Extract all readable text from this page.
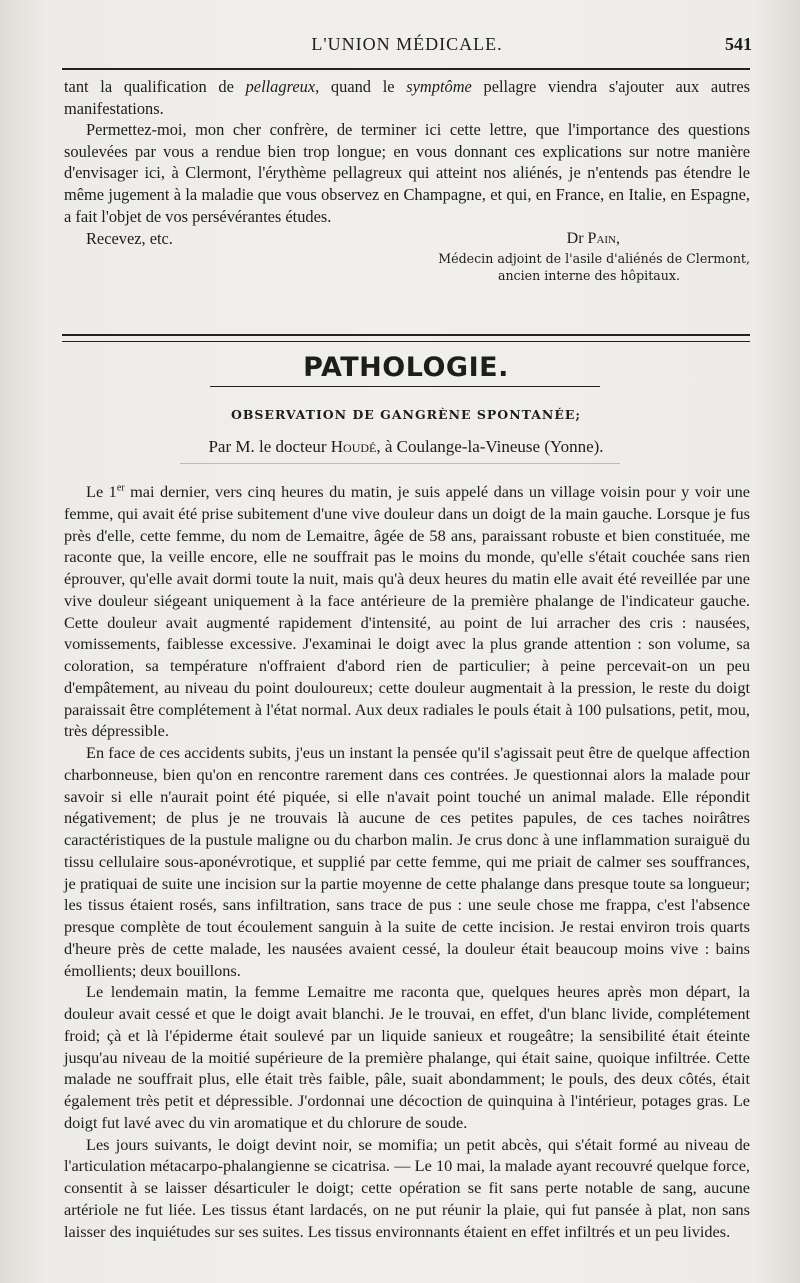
L'UNION MÉDICALE.	541

tant la qualification de pellagreux, quand le symptôme pellagre viendra s'ajouter aux autres manifestations.

Permettez-moi, mon cher confrère, de terminer ici cette lettre, que l'importance des questions soulevées par vous a rendue bien trop longue; en vous donnant ces explications sur notre manière d'envisager ici, à Clermont, l'érythème pellagreux qui atteint nos aliénés, je n'entends pas étendre le même jugement à la maladie que vous observez en Champagne, et qui, en France, en Italie, en Espagne, a fait l'objet de vos persévérantes études.

Recevez, etc.	Dr Pain,
Médecin adjoint de l'asile d'aliénés de Clermont,
ancien interne des hôpitaux.
PATHOLOGIE.
OBSERVATION DE GANGRÈNE SPONTANÉE;
Par M. le docteur Houdé, à Coulange-la-Vineuse (Yonne).

Le 1er mai dernier, vers cinq heures du matin, je suis appelé dans un village voisin pour y voir une femme, qui avait été prise subitement d'une vive douleur dans un doigt de la main gauche. Lorsque je fus près d'elle, cette femme, du nom de Lemaitre, âgée de 58 ans, paraissant robuste et bien constituée, me raconte que, la veille encore, elle ne souffrait pas le moins du monde, qu'elle s'était couchée sans rien éprouver, qu'elle avait dormi toute la nuit, mais qu'à deux heures du matin elle avait été reveillée par une vive douleur siégeant uniquement à la face antérieure de la première phalange de l'indicateur gauche. Cette douleur avait augmenté rapidement d'intensité, au point de lui arracher des cris : nausées, vomissements, faiblesse excessive. J'examinai le doigt avec la plus grande attention : son volume, sa coloration, sa température n'offraient d'abord rien de particulier; à peine percevait-on un peu d'empâtement, au niveau du point douloureux; cette douleur augmentait à la pression, le reste du doigt paraissait être complétement à l'état normal. Aux deux radiales le pouls était à 100 pulsations, petit, mou, très dépressible.

En face de ces accidents subits, j'eus un instant la pensée qu'il s'agissait peut être de quelque affection charbonneuse, bien qu'on en rencontre rarement dans ces contrées. Je questionnai alors la malade pour savoir si elle n'aurait point été piquée, si elle n'avait point touché un animal malade. Elle répondit négativement; de plus je ne trouvais là aucune de ces petites papules, de ces taches noirâtres caractéristiques de la pustule maligne ou du charbon malin. Je crus donc à une inflammation suraiguë du tissu cellulaire sous-aponévrotique, et supplié par cette femme, qui me priait de calmer ses souffrances, je pratiquai de suite une incision sur la partie moyenne de cette phalange dans presque toute sa longueur; les tissus étaient rosés, sans infiltration, sans trace de pus : une seule chose me frappa, c'est l'absence presque complète de tout écoulement sanguin à la suite de cette incision. Je restai environ trois quarts d'heure près de cette malade, les nausées avaient cessé, la douleur était beaucoup moins vive : bains émollients; deux bouillons.

Le lendemain matin, la femme Lemaitre me raconta que, quelques heures après mon départ, la douleur avait cessé et que le doigt avait blanchi. Je le trouvai, en effet, d'un blanc livide, complétement froid; çà et là l'épiderme était soulevé par un liquide sanieux et rougeâtre; la sensibilité était éteinte jusqu'au niveau de la moitié supérieure de la première phalange, qui était saine, quoique infiltrée. Cette malade ne souffrait plus, elle était très faible, pâle, suait abondamment; le pouls, des deux côtés, était également très petit et dépressible. J'ordonnai une décoction de quinquina à l'intérieur, potages gras. Le doigt fut lavé avec du vin aromatique et du chlorure de soude.

Les jours suivants, le doigt devint noir, se momifia; un petit abcès, qui s'était formé au niveau de l'articulation métacarpo-phalangienne se cicatrisa. — Le 10 mai, la malade ayant recouvré quelque force, consentit à se laisser désarticuler le doigt; cette opération se fit sans perte notable de sang, aucune artériole ne fut liée. Les tissus étant lardacés, on ne put réunir la plaie, qui fut pansée à plat, non sans laisser des inquiétudes sur ses suites. Les tissus environnants étaient en effet infiltrés et un peu livides.
